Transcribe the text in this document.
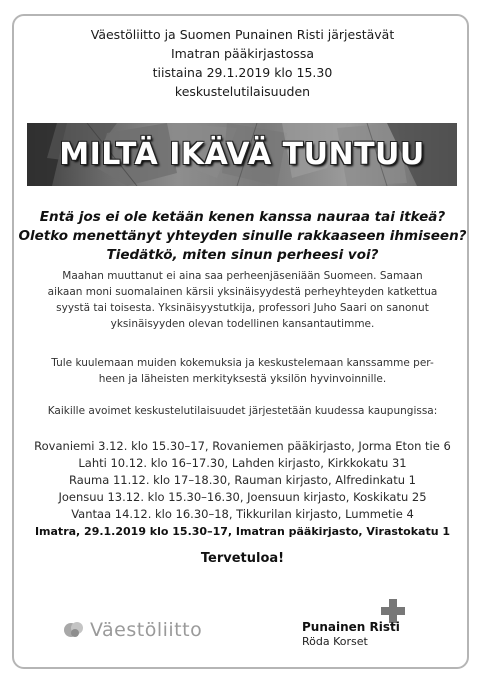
Väestöliitto ja Suomen Punainen Risti järjestävät
Imatran pääkirjastossa
tiistaina 29.1.2019 klo 15.30
keskustelutilaisuuden
MILTÄ IKÄVÄ TUNTUU
Entä jos ei ole ketään kenen kanssa nauraa tai itkeä?
Oletko menettänyt yhteyden sinulle rakkaaseen ihmiseen?
Tiedätkö, miten sinun perheesi voi?
Maahan muuttanut ei aina saa perheenjäseniään Suomeen. Samaan
aikaan moni suomalainen kärsii yksinäisyydestä perheyhteyden katkettua
syystä tai toisesta. Yksinäisyystutkija, professori Juho Saari on sanonut
yksinäisyyden olevan todellinen kansantautimme.
Tule kuulemaan muiden kokemuksia ja keskustelemaan kanssamme per-
heen ja läheisten merkityksestä yksilön hyvinvoinnille.
Kaikille avoimet keskustelutilaisuudet järjestetään kuudessa kaupungissa:
Rovaniemi 3.12. klo 15.30–17, Rovaniemen pääkirjasto, Jorma Eton tie 6
Lahti 10.12. klo 16–17.30, Lahden kirjasto, Kirkkokatu 31
Rauma 11.12. klo 17–18.30, Rauman kirjasto, Alfredinkatu 1
Joensuu 13.12. klo 15.30–16.30, Joensuun kirjasto, Koskikatu 25
Vantaa 14.12. klo 16.30–18, Tikkurilan kirjasto, Lummetie 4
Imatra, 29.1.2019 klo 15.30–17, Imatran pääkirjasto, Virastokatu 1
Tervetuloa!
Väestöliitto	Punainen Risti
Röda Korset
